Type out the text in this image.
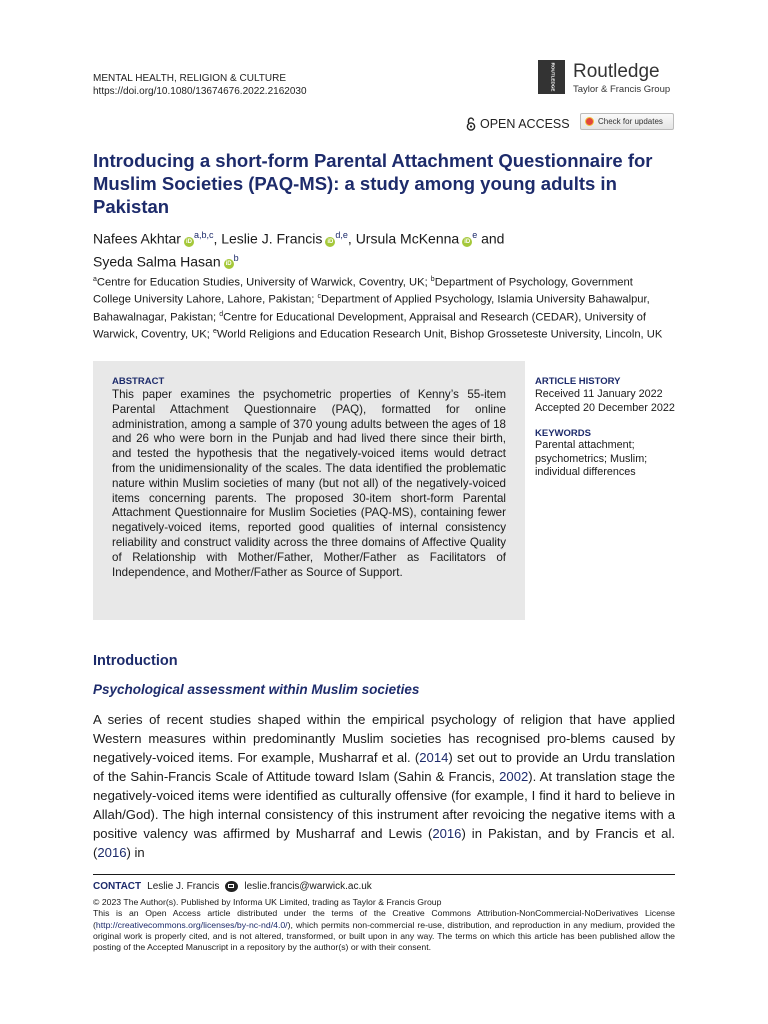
MENTAL HEALTH, RELIGION & CULTURE
https://doi.org/10.1080/13674676.2022.2162030
ROUTLEDGE Routledge
Taylor & Francis Group
OPEN ACCESS	Check for updates
Introducing a short-form Parental Attachment Questionnaire for Muslim Societies (PAQ-MS): a study among young adults in Pakistan
Nafees Akhtar iD$^{a,b,c}$, Leslie J. Francis iD$^{d,e}$, Ursula McKenna $iD^e$ and
Syeda Salma Hasan $iD^b$
$^a$Centre for Education Studies, University of Warwick, Coventry, UK; $^b$Department of Psychology, Government College University Lahore, Lahore, Pakistan; $^c$Department of Applied Psychology, Islamia University Bahawalpur, Bahawalnagar, Pakistan; $^d$Centre for Educational Development, Appraisal and Research (CEDAR), University of Warwick, Coventry, UK; $^e$World Religions and Education Research Unit, Bishop Grosseteste University, Lincoln, UK
ABSTRACT
This paper examines the psychometric properties of Kenny’s 55-item Parental Attachment Questionnaire (PAQ), formatted for online administration, among a sample of 370 young adults between the ages of 18 and 26 who were born in the Punjab and had lived there since their birth, and tested the hypothesis that the negatively-voiced items would detract from the unidimensionality of the scales. The data identified the problematic nature within Muslim societies of many (but not all) of the negatively-voiced items concerning parents. The proposed 30-item short-form Parental Attachment Questionnaire for Muslim Societies (PAQ-MS), containing fewer negatively-voiced items, reported good qualities of internal consistency reliability and construct validity across the three domains of Affective Quality of Relationship with Mother/Father, Mother/Father as Facilitators of Independence, and Mother/Father as Source of Support.
ARTICLE HISTORY
Received 11 January 2022
Accepted 20 December 2022
KEYWORDS
Parental attachment; psychometrics; Muslim; individual differences
Introduction
Psychological assessment within Muslim societies
A series of recent studies shaped within the empirical psychology of religion that have applied Western measures within predominantly Muslim societies has recognised pro-blems caused by negatively-voiced items. For example, Musharraf et al. (2014) set out to provide an Urdu translation of the Sahin-Francis Scale of Attitude toward Islam (Sahin & Francis, 2002). At translation stage the negatively-voiced items were identified as culturally offensive (for example, I find it hard to believe in Allah/God). The high internal consistency of this instrument after revoicing the negative items with a positive valency was affirmed by Musharraf and Lewis (2016) in Pakistan, and by Francis et al. (2016) in
CONTACT Leslie J. Francis	leslie.francis@warwick.ac.uk
© 2023 The Author(s). Published by Informa UK Limited, trading as Taylor & Francis Group
This is an Open Access article distributed under the terms of the Creative Commons Attribution-NonCommercial-NoDerivatives License (http://creativecommons.org/licenses/by-nc-nd/4.0/), which permits non-commercial re-use, distribution, and reproduction in any medium, provided the original work is properly cited, and is not altered, transformed, or built upon in any way. The terms on which this article has been published allow the posting of the Accepted Manuscript in a repository by the author(s) or with their consent.
